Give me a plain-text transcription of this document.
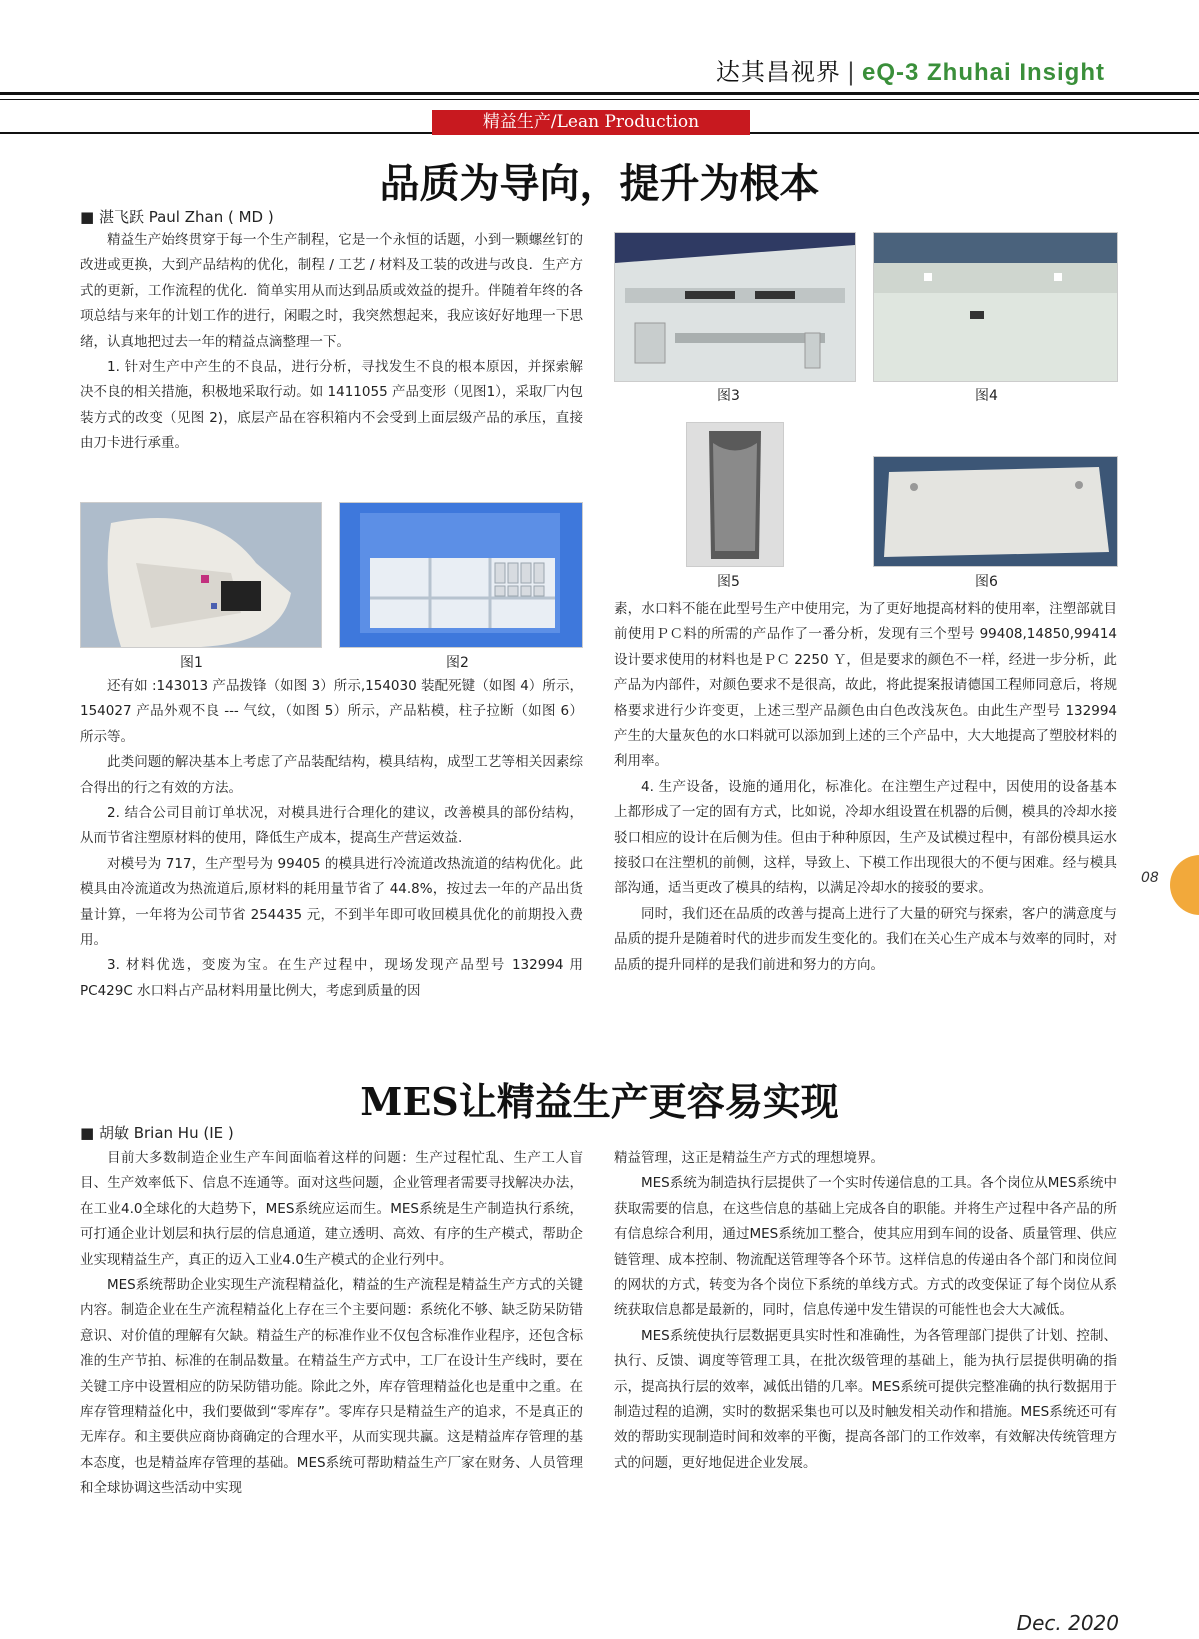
达其昌视界 | eQ-3 Zhuhai Insight
精益生产/Lean Production
品质为导向，提升为根本
■ 湛飞跃 Paul Zhan ( MD )

精益生产始终贯穿于每一个生产制程，它是一个永恒的话题，小到一颗螺丝钉的改进或更换，大到产品结构的优化，制程 / 工艺 / 材料及工装的改进与改良．生产方式的更新，工作流程的优化．简单实用从而达到品质或效益的提升。伴随着年终的各项总结与来年的计划工作的进行，闲暇之时，我突然想起来，我应该好好地理一下思绪，认真地把过去一年的精益点滴整理一下。

1. 针对生产中产生的不良品，进行分析，寻找发生不良的根本原因，并探索解决不良的相关措施，积极地采取行动。如 1411055 产品变形（见图1），采取厂内包装方式的改变（见图 2)，底层产品在容积箱内不会受到上面层级产品的承压，直接由刀卡进行承重。

图1	图2

还有如 :143013 产品拨锋（如图 3）所示,154030 装配死键（如图 4）所示，154027 产品外观不良 --- 气纹，（如图 5）所示，产品粘模，柱子拉断（如图 6）所示等。

此类问题的解决基本上考虑了产品装配结构，模具结构，成型工艺等相关因素综合得出的行之有效的方法。

2. 结合公司目前订单状况，对模具进行合理化的建议，改善模具的部份结构，从而节省注塑原材料的使用，降低生产成本，提高生产营运效益.

对模号为 717，生产型号为 99405 的模具进行冷流道改热流道的结构优化。此模具由冷流道改为热流道后,原材料的耗用量节省了 44.8%，按过去一年的产品出货量计算，一年将为公司节省 254435 元，不到半年即可收回模具优化的前期投入费用。

3. 材料优选，变废为宝。在生产过程中，现场发现产品型号 132994 用 PC429C 水口料占产品材料用量比例大，考虑到质量的因

图3	图4
图5	图6

素，水口料不能在此型号生产中使用完，为了更好地提高材料的使用率，注塑部就目前使用ＰＣ料的所需的产品作了一番分析，发现有三个型号 99408,14850,99414 设计要求使用的材料也是ＰＣ 2250 Ｙ，但是要求的颜色不一样，经进一步分析，此产品为内部件，对颜色要求不是很高，故此，将此提案报请德国工程师同意后，将规格要求进行少许变更，上述三型产品颜色由白色改浅灰色。由此生产型号 132994 产生的大量灰色的水口料就可以添加到上述的三个产品中，大大地提高了塑胶材料的利用率。

4. 生产设备，设施的通用化，标准化。在注塑生产过程中，因使用的设备基本上都形成了一定的固有方式，比如说，冷却水组设置在机器的后侧，模具的冷却水接驳口相应的设计在后侧为佳。但由于种种原因，生产及试模过程中，有部份模具运水接驳口在注塑机的前侧，这样，导致上、下模工作出现很大的不便与困难。经与模具部沟通，适当更改了模具的结构，以满足冷却水的接驳的要求。

同时，我们还在品质的改善与提高上进行了大量的研究与探索，客户的满意度与品质的提升是随着时代的进步而发生变化的。我们在关心生产成本与效率的同时，对品质的提升同样的是我们前进和努力的方向。

MES让精益生产更容易实现
■ 胡敏 Brian Hu (IE )

目前大多数制造企业生产车间面临着这样的问题：生产过程忙乱、生产工人盲目、生产效率低下、信息不连通等。面对这些问题，企业管理者需要寻找解决办法，在工业4.0全球化的大趋势下，MES系统应运而生。MES系统是生产制造执行系统，可打通企业计划层和执行层的信息通道，建立透明、高效、有序的生产模式，帮助企业实现精益生产，真正的迈入工业4.0生产模式的企业行列中。

MES系统帮助企业实现生产流程精益化，精益的生产流程是精益生产方式的关键内容。制造企业在生产流程精益化上存在三个主要问题：系统化不够、缺乏防呆防错意识、对价值的理解有欠缺。精益生产的标准作业不仅包含标准作业程序，还包含标准的生产节拍、标准的在制品数量。在精益生产方式中，工厂在设计生产线时，要在关键工序中设置相应的防呆防错功能。除此之外，库存管理精益化也是重中之重。在库存管理精益化中，我们要做到“零库存”。零库存只是精益生产的追求，不是真正的无库存。和主要供应商协商确定的合理水平，从而实现共赢。这是精益库存管理的基本态度，也是精益库存管理的基础。MES系统可帮助精益生产厂家在财务、人员管理和全球协调这些活动中实现

精益管理，这正是精益生产方式的理想境界。

MES系统为制造执行层提供了一个实时传递信息的工具。各个岗位从MES系统中获取需要的信息，在这些信息的基础上完成各自的职能。并将生产过程中各产品的所有信息综合利用，通过MES系统加工整合，使其应用到车间的设备、质量管理、供应链管理、成本控制、物流配送管理等各个环节。这样信息的传递由各个部门和岗位间的网状的方式，转变为各个岗位下系统的单线方式。方式的改变保证了每个岗位从系统获取信息都是最新的，同时，信息传递中发生错误的可能性也会大大减低。

MES系统使执行层数据更具实时性和准确性，为各管理部门提供了计划、控制、执行、反馈、调度等管理工具，在批次级管理的基础上，能为执行层提供明确的指示，提高执行层的效率，减低出错的几率。MES系统可提供完整准确的执行数据用于制造过程的追溯，实时的数据采集也可以及时触发相关动作和措施。MES系统还可有效的帮助实现制造时间和效率的平衡，提高各部门的工作效率，有效解决传统管理方式的问题，更好地促进企业发展。

08
Dec. 2020
